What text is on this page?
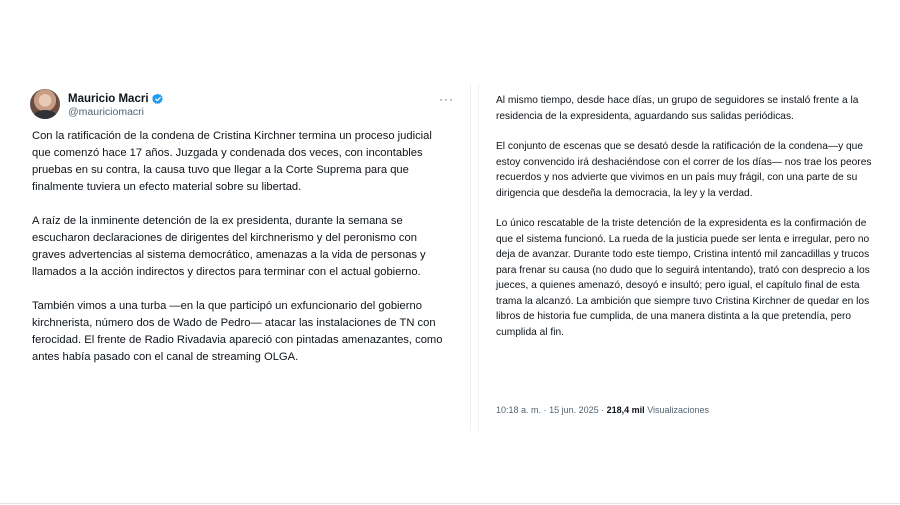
Mauricio Macri
@mauriciomacri
···

Con la ratificación de la condena de Cristina Kirchner termina un proceso judicial que comenzó hace 17 años. Juzgada y condenada dos veces, con incontables pruebas en su contra, la causa tuvo que llegar a la Corte Suprema para que finalmente tuviera un efecto material sobre su libertad.

A raíz de la inminente detención de la ex presidenta, durante la semana se escucharon declaraciones de dirigentes del kirchnerismo y del peronismo con graves advertencias al sistema democrático, amenazas a la vida de personas y llamados a la acción indirectos y directos para terminar con el actual gobierno.

También vimos a una turba —en la que participó un exfuncionario del gobierno kirchnerista, número dos de Wado de Pedro— atacar las instalaciones de TN con ferocidad. El frente de Radio Rivadavia apareció con pintadas amenazantes, como antes había pasado con el canal de streaming OLGA.

Al mismo tiempo, desde hace días, un grupo de seguidores se instaló frente a la residencia de la expresidenta, aguardando sus salidas periódicas.

El conjunto de escenas que se desató desde la ratificación de la condena—y que estoy convencido irá deshaciéndose con el correr de los días— nos trae los peores recuerdos y nos advierte que vivimos en un país muy frágil, con una parte de su dirigencia que desdeña la democracia, la ley y la verdad.

Lo único rescatable de la triste detención de la expresidenta es la confirmación de que el sistema funcionó. La rueda de la justicia puede ser lenta e irregular, pero no deja de avanzar. Durante todo este tiempo, Cristina intentó mil zancadillas y trucos para frenar su causa (no dudo que lo seguirá intentando), trató con desprecio a los jueces, a quienes amenazó, desoyó e insultó; pero igual, el capítulo final de esta trama la alcanzó. La ambición que siempre tuvo Cristina Kirchner de quedar en los libros de historia fue cumplida, de una manera distinta a la que pretendía, pero cumplida al fin.

10:18 a. m. · 15 jun. 2025 · 218,4 mil Visualizaciones
